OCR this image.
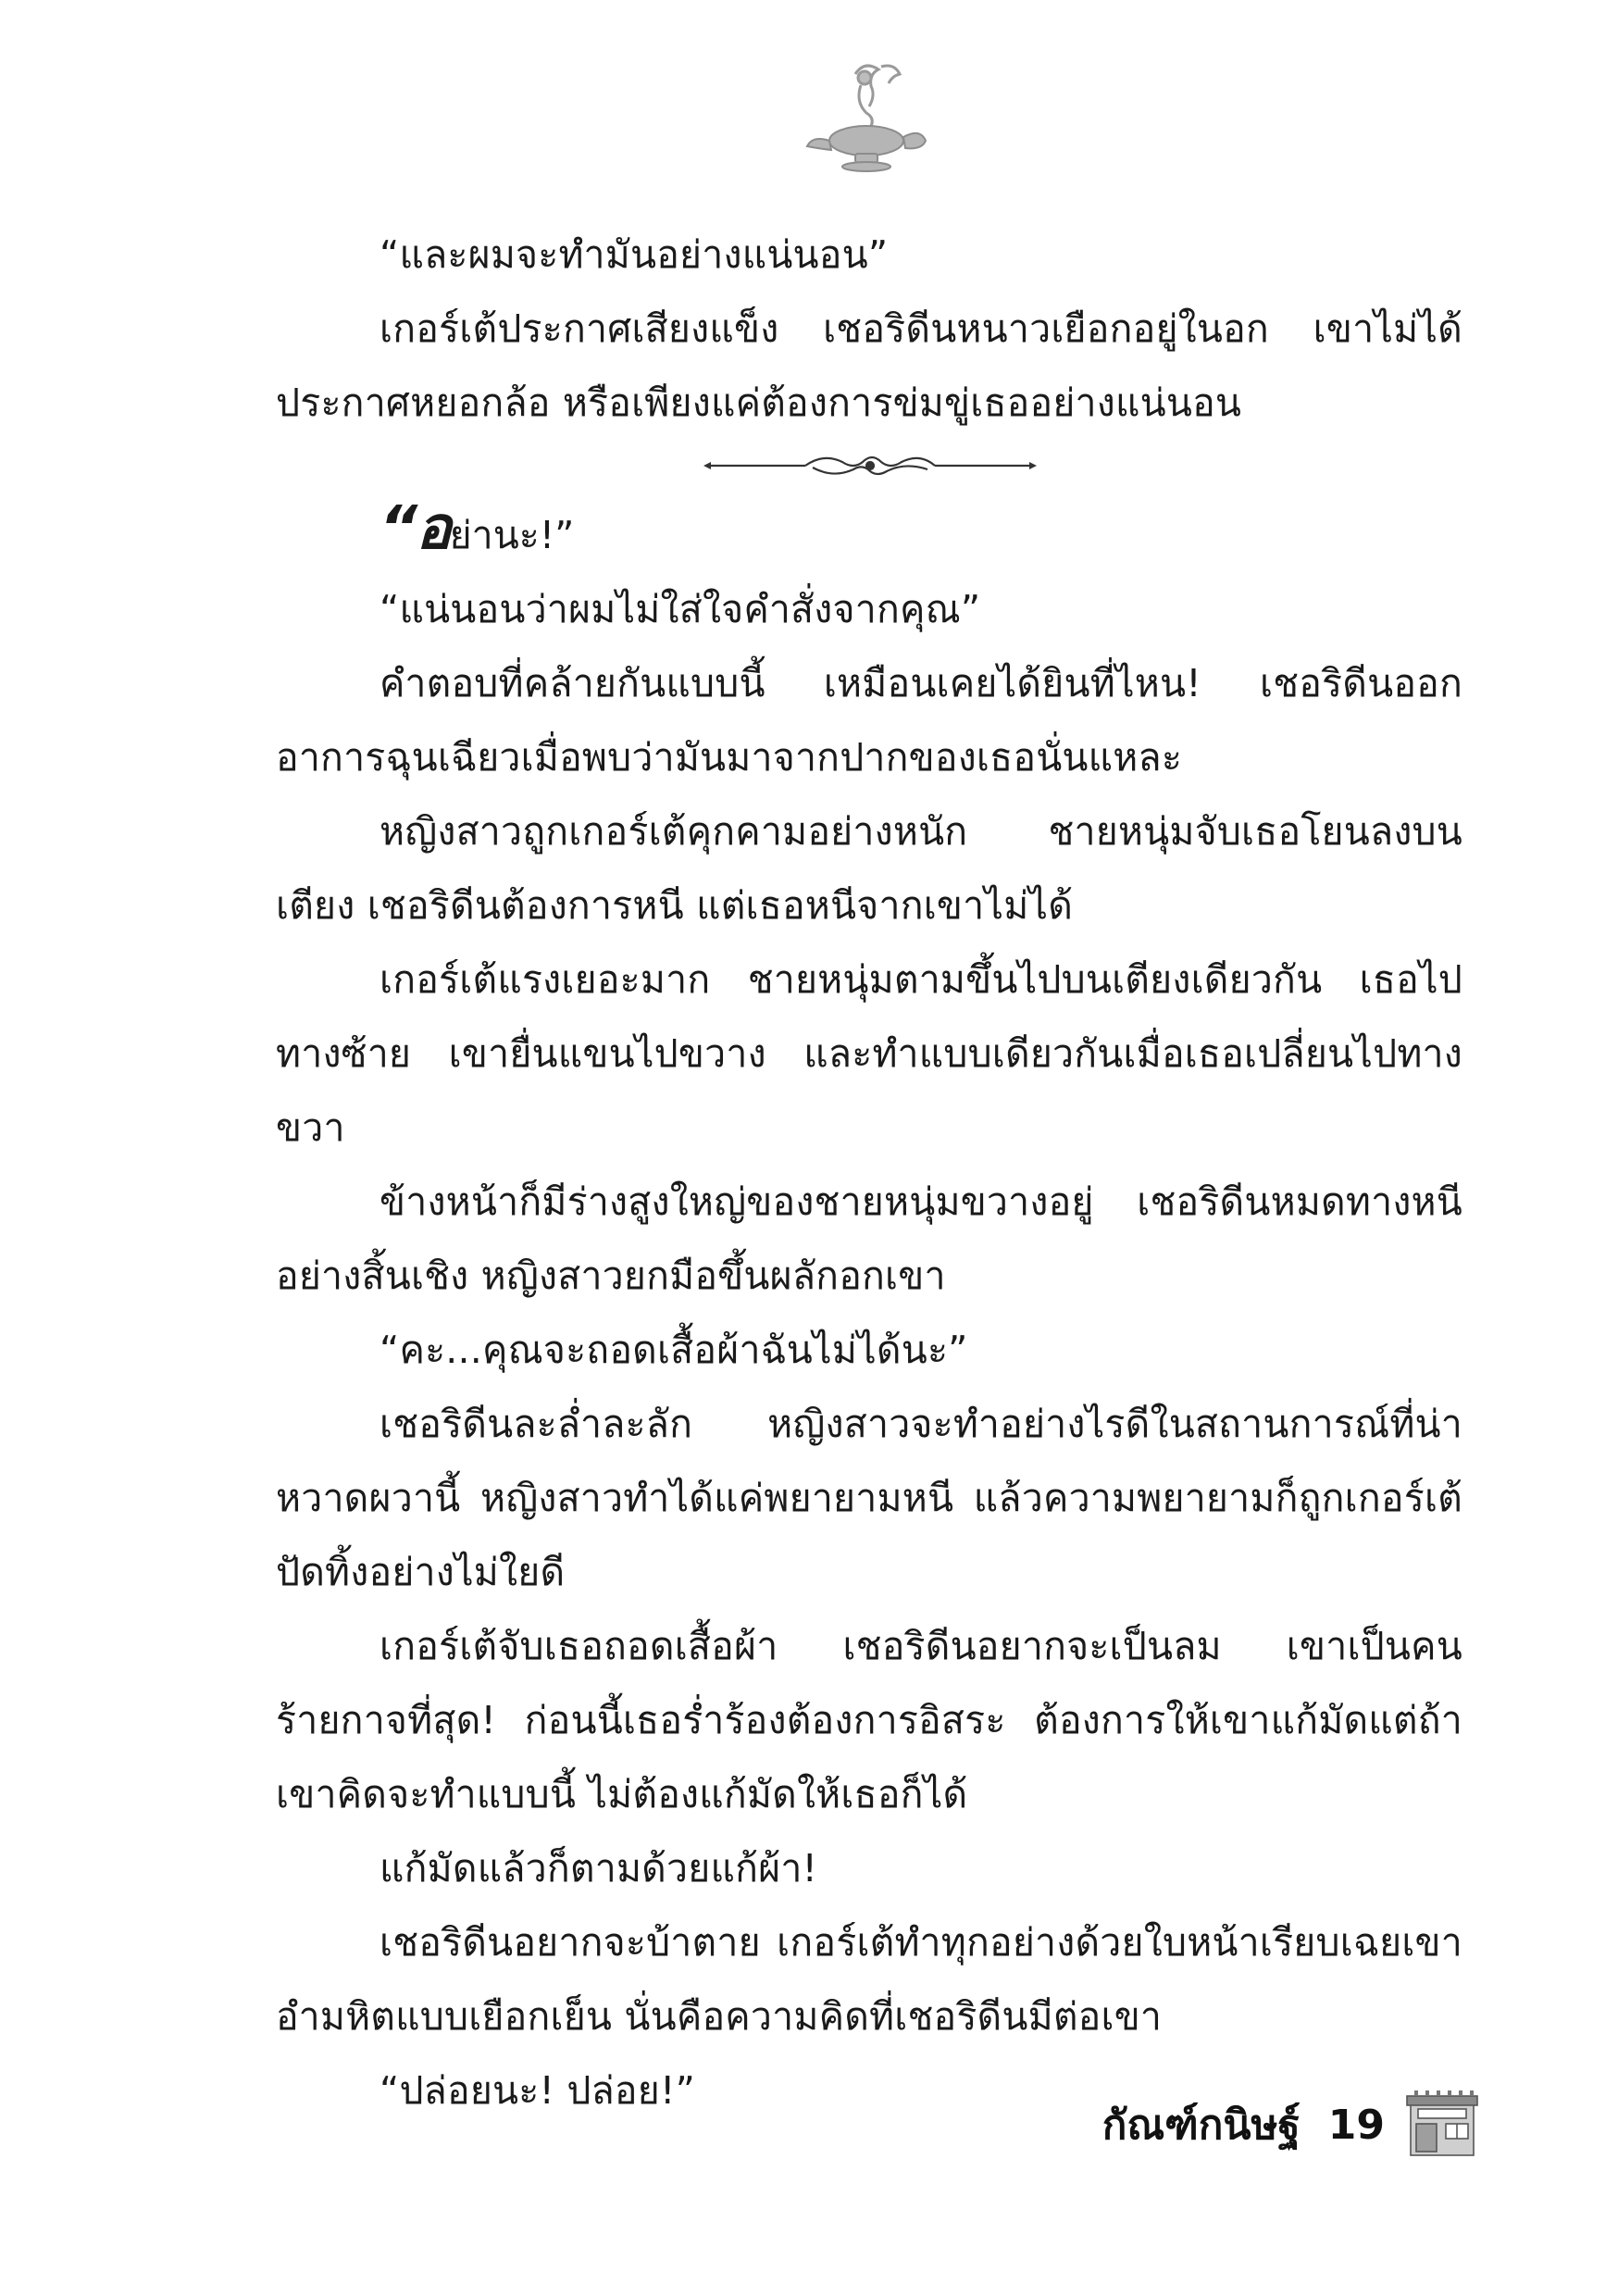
“และผมจะทำมันอย่างแน่นอน”

เกอร์เต้ประกาศเสียงแข็ง เชอริดีนหนาวเยือกอยู่ในอก เขาไม่ได้ประกาศหยอกล้อ หรือเพียงแค่ต้องการข่มขู่เธออย่างแน่นอน

“อย่านะ!”

“แน่นอนว่าผมไม่ใส่ใจคำสั่งจากคุณ”

คำตอบที่คล้ายกันแบบนี้ เหมือนเคยได้ยินที่ไหน! เชอริดีนออกอาการฉุนเฉียวเมื่อพบว่ามันมาจากปากของเธอนั่นแหละ

หญิงสาวถูกเกอร์เต้คุกคามอย่างหนัก ชายหนุ่มจับเธอโยนลงบนเตียง เชอริดีนต้องการหนี แต่เธอหนีจากเขาไม่ได้

เกอร์เต้แรงเยอะมาก ชายหนุ่มตามขึ้นไปบนเตียงเดียวกัน เธอไปทางซ้าย เขายื่นแขนไปขวาง และทำแบบเดียวกันเมื่อเธอเปลี่ยนไปทางขวา

ข้างหน้าก็มีร่างสูงใหญ่ของชายหนุ่มขวางอยู่ เชอริดีนหมดทางหนีอย่างสิ้นเชิง หญิงสาวยกมือขึ้นผลักอกเขา

“คะ...คุณจะถอดเสื้อผ้าฉันไม่ได้นะ”

เชอริดีนละล่ำละลัก หญิงสาวจะทำอย่างไรดีในสถานการณ์ที่น่าหวาดผวานี้ หญิงสาวทำได้แค่พยายามหนี แล้วความพยายามก็ถูกเกอร์เต้ปัดทิ้งอย่างไม่ใยดี

เกอร์เต้จับเธอถอดเสื้อผ้า เชอริดีนอยากจะเป็นลม เขาเป็นคนร้ายกาจที่สุด! ก่อนนี้เธอร่ำร้องต้องการอิสระ ต้องการให้เขาแก้มัดแต่ถ้าเขาคิดจะทำแบบนี้ ไม่ต้องแก้มัดให้เธอก็ได้

แก้มัดแล้วก็ตามด้วยแก้ผ้า!

เชอริดีนอยากจะบ้าตาย เกอร์เต้ทำทุกอย่างด้วยใบหน้าเรียบเฉยเขาอำมหิตแบบเยือกเย็น นั่นคือความคิดที่เชอริดีนมีต่อเขา

“ปล่อยนะ! ปล่อย!”

กัณฑ์กนิษฐ์ 19
